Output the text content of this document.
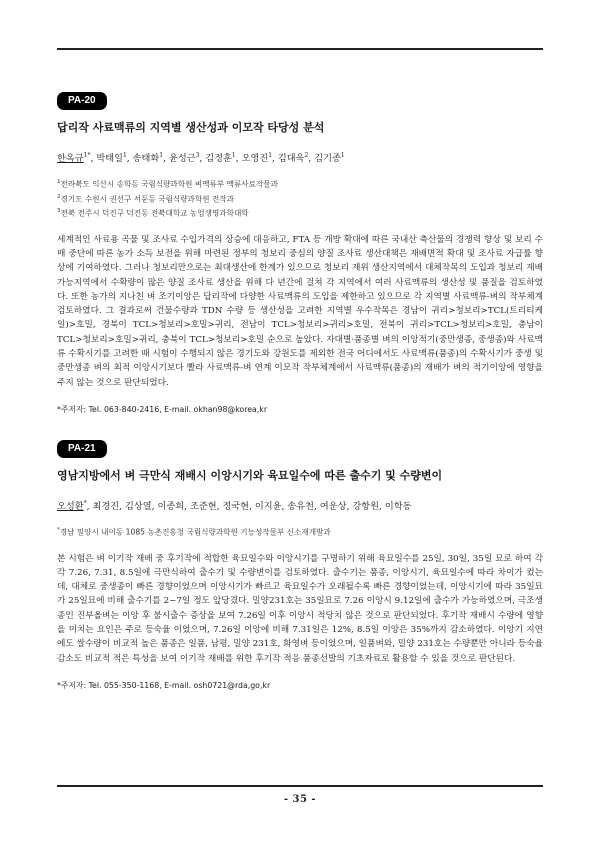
PA-20
답리작 사료맥류의 지역별 생산성과 이모작 타당성 분석
한옥규$^{1*}$, 박태일$^1$, 송태화$^1$, 윤성근$^3$, 김정훈$^1$, 오영진$^1$, 김대욱$^2$, 김기종$^1$
$^1$전라북도 익산시 송학동 국립식량과학원 벼맥류부 맥류사료작물과
$^2$경기도 수원시 권선구 서둔동 국립식량과학원 전작과
$^3$전북 전주시 덕진구 덕진동 전북대학교 농업생명과학대학
세계적인 사료용 곡물 및 조사료 수입가격의 상승에 대응하고, FTA 등 개방 확대에 따른 국내산 축산물의 경쟁력 향상 및 보리 수매 중단에 따른 농가 소득 보전을 위해 마련된 정부의 청보리 중심의 양질 조사료 생산대책은 재배면적 확대 및 조사료 자급률 향상에 기여하였다. 그러나 청보리만으로는 최대생산에 한계가 있으므로 청보리 재위 생산지역에서 대체작목의 도입과 청보리 재배 가능지역에서 수확량이 많은 양질 조사료 생산을 위해 다 년간에 걸쳐 각 지역에서 여러 사료맥류의 생산성 및 품질을 검토하였다. 또한 농가의 지나친 벼 조기이앙은 답리작에 다양한 사료맥류의 도입을 제한하고 있으므로 각 지역별 사료맥류-벼의 작부체계 검토하였다. 그 결과로써 건물수량과 TDN 수량 등 생산성을 고려한 지역별 우수작목은 경남이 귀리>청보리>TCL(트리티케일)>호밀, 경북이 TCL>청보리>호밀>귀리, 전남이 TCL>청보리>귀리>호밀, 전북이 귀리>TCL>청보리>호밀, 충남이 TCL>청보리>호밀>귀리, 충북이 TCL>청보리>호밀 순으로 높았다. 자대별·품종별 벼의 이앙적기(중만생종, 중생종)와 사료맥류 수확시기를 고려한 때 시험이 수행되지 않은 경기도와 강원도를 제외한 전국 어디에서도 사료맥류(품종)의 수확시기가 중생 및 중만생종 벼의 최적 이앙시기보다 빨라 사료맥류-벼 연계 이모작 작부체계에서 사료맥류(품종)의 재배가 벼의 적기이앙에 영향을 주지 않는 것으로 판단되었다.
*주저자: Tel. 063-840-2416, E-mail. okhan98@korea,kr
PA-21
영남지방에서 벼 극만식 재배시 이앙시기와 육묘일수에 따른 출수기 및 수량변이
오성환*, 최경진, 김상열, 이종희, 조준현, 정국현, 이지윤, 송유천, 여운상, 강항원, 이학동
*경남 밀양시 내이동 1085 농촌진흥청 국립식량과학원 기능성작물부 신소재개발과
본 시험은 벼 이기작 재배 중 후기작에 적합한 육묘일수와 이앙시기를 구명하기 위해 육묘일수를 25일, 30일, 35일 묘로 하여 각각 7.26, 7.31, 8.5일에 극만식하여 출수기 및 수량변이를 검토하였다. 출수기는 품종, 이앙시기, 육묘일수에 따라 차이가 컸는데, 대체로 중생종이 빠른 경향이었으며 이앙시기가 빠르고 육묘일수가 오래될수록 빠른 경향이었는데, 이앙시기에 따라 35일묘가 25일묘에 비해 출수기를 2~7일 정도 앞당겼다. 밀양231호는 35일묘로 7.26 이앙시 9.12일에 출수가 가능하였으며, 극조생종인 진부올벼는 이앙 후 불시출수 증상을 보여 7.26일 이후 이앙시 적당치 않은 것으로 판단되었다. 후기작 재배시 수량에 영향을 미치는 요인은 주로 등숙율 이었으며, 7.26일 이앙에 비해 7.31일은 12%, 8.5일 이앙은 35%까지 감소하였다. 이앙기 지연에도 쌀수량이 비교적 높은 품종은 일품, 남평, 밀양 231호, 화영벼 등이었으며, 일품벼와, 밀양 231호는 수량뿐만 아니라 등숙율 감소도 비교적 적은 특성을 보여 이기작 재배를 위한 후기작 적응 품종선발의 기초자료로 활용할 수 있을 것으로 판단된다.
*주저자: Tel. 055-350-1168, E-mail. osh0721@rda,go,kr
- 35 -
